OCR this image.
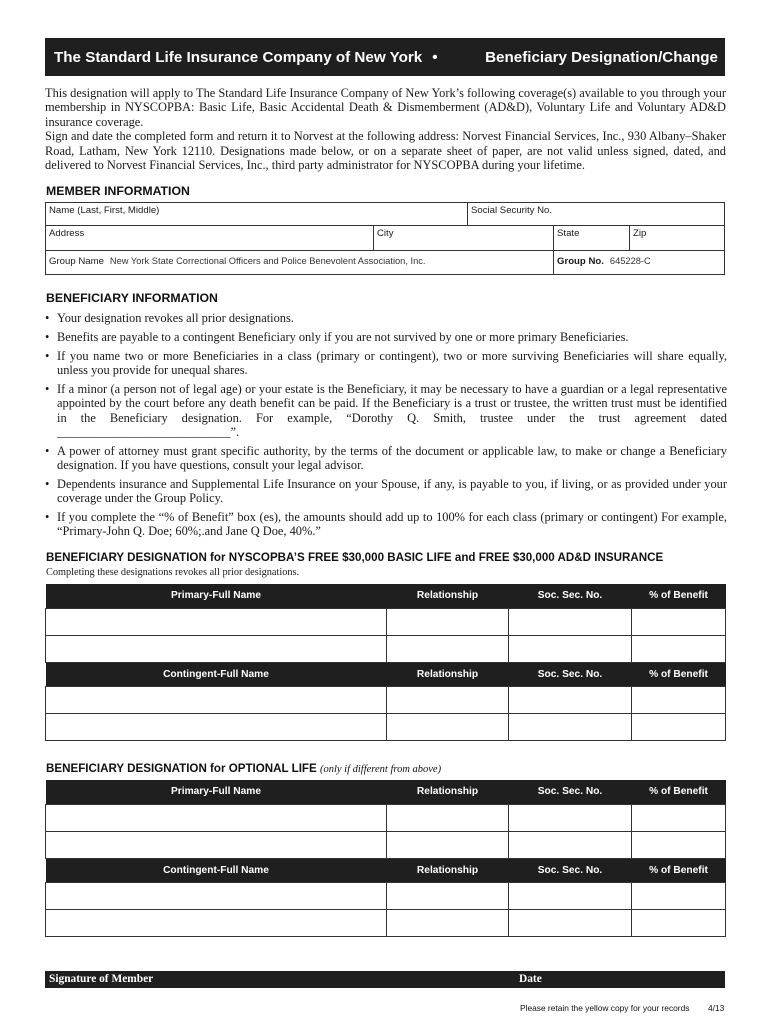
The Standard Life Insurance Company of New York •	Beneficiary Designation/Change

This designation will apply to The Standard Life Insurance Company of New York’s following coverage(s) available to you through your membership in NYSCOPBA: Basic Life, Basic Accidental Death & Dismemberment (AD&D), Voluntary Life and Voluntary AD&D insurance coverage.

Sign and date the completed form and return it to Norvest at the following address: Norvest Financial Services, Inc., 930 Albany–Shaker Road, Latham, New York 12110. Designations made below, or on a separate sheet of paper, are not valid unless signed, dated, and delivered to Norvest Financial Services, Inc., third party administrator for NYSCOPBA during your lifetime.

MEMBER INFORMATION
Name (Last, First, Middle)	Social Security No.
Address	City	State	Zip
Group Name New York State Correctional Officers and Police Benevolent Association, Inc.	Group No. 645228-C
BENEFICIARY INFORMATION
• Your designation revokes all prior designations.
• Benefits are payable to a contingent Beneficiary only if you are not survived by one or more primary Beneficiaries.
• If you name two or more Beneficiaries in a class (primary or contingent), two or more surviving Beneficiaries will share equally, unless you provide for unequal shares.
• If a minor (a person not of legal age) or your estate is the Beneficiary, it may be necessary to have a guardian or a legal representative appointed by the court before any death benefit can be paid. If the Beneficiary is a trust or trustee, the written trust must be identified in the Beneficiary designation. For example, “Dorothy Q. Smith, trustee under the trust agreement dated ____________________________”.
• A power of attorney must grant specific authority, by the terms of the document or applicable law, to make or change a Beneficiary designation. If you have questions, consult your legal advisor.
• Dependents insurance and Supplemental Life Insurance on your Spouse, if any, is payable to you, if living, or as provided under your coverage under the Group Policy.
• If you complete the “% of Benefit” box (es), the amounts should add up to 100% for each class (primary or contingent) For example, “Primary-John Q. Doe; 60%;.and Jane Q Doe, 40%.”
BENEFICIARY DESIGNATION for NYSCOPBA’S FREE $30,000 BASIC LIFE and FREE $30,000 AD&D INSURANCE
Completing these designations revokes all prior designations.
Primary-Full Name	Relationship	Soc. Sec. No.	% of Benefit

Contingent-Full Name	Relationship	Soc. Sec. No.	% of Benefit

BENEFICIARY DESIGNATION for OPTIONAL LIFE (only if different from above)
Primary-Full Name	Relationship	Soc. Sec. No.	% of Benefit

Contingent-Full Name	Relationship	Soc. Sec. No.	% of Benefit

Signature of Member	Date
Please retain the yellow copy for your records 4/13
